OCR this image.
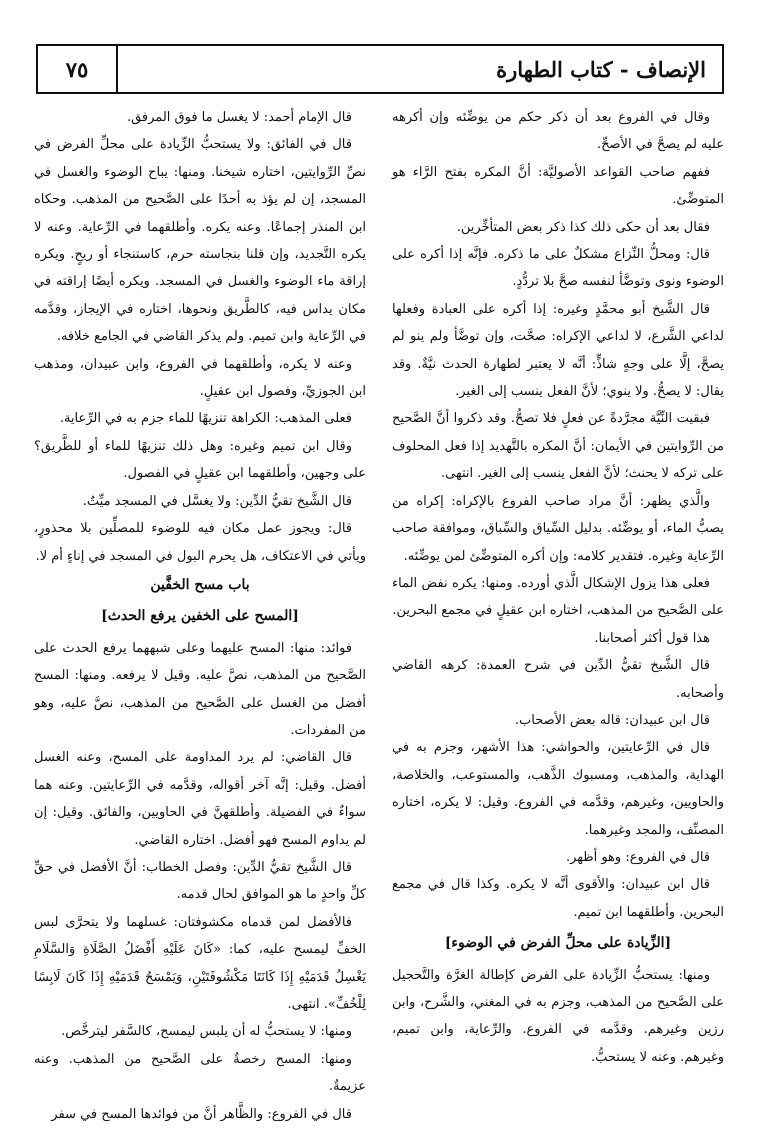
٧٥	الإنصاف - كتاب الطهارة

وقال في الفروع بعد أن ذكر حكم من يوضِّئه وإن أكرهه عليه لم يصحَّ في الأصحِّ.

ففهم صاحب القواعد الأصوليَّة: أنَّ المكره بفتح الرَّاء هو المتوضِّئ.

فقال بعد أن حكى ذلك كذا ذكر بعض المتأخِّرين.

قال: ومحلُّ النِّزاع مشكلٌ على ما ذكره. فإنَّه إذا أكره على الوضوء ونوى وتوضَّأ لنفسه صحَّ بلا تردُّدٍ.

قال الشَّيخ أبو محمَّدٍ وغيره: إذا أكره على العبادة وفعلها لداعي الشَّرع، لا لداعي الإكراه: صحَّت، وإن توضَّأ ولم ينو لم يصحَّ، إلَّا على وجهٍ شاذٍّ: أنَّه لا يعتبر لطهارة الحدث نيَّةٌ. وقد يقال: لا يصحُّ. ولا ينوي؛ لأنَّ الفعل ينسب إلى الغير.

فبقيت النِّيَّة مجرَّدةً عن فعلٍ فلا تصحُّ. وقد ذكروا أنَّ الصَّحيح من الرِّوايتين في الأيمان: أنَّ المكره بالتَّهديد إذا فعل المحلوف على تركه لا يحنث؛ لأنَّ الفعل ينسب إلى الغير. انتهى.

والَّذي يظهر: أنَّ مراد صاحب الفروع بالإكراه: إكراه من يصبُّ الماء، أو يوضِّئه. بدليل السِّياق والسِّباق، وموافقة صاحب الرِّعاية وغيره. فتقدير كلامه: وإن أكره المتوضِّئ لمن يوضِّئه.

فعلى هذا يزول الإشكال الَّذي أورده. ومنها: يكره نفض الماء على الصَّحيح من المذهب، اختاره ابن عقيلٍ في مجمع البحرين.

هذا قول أكثر أصحابنا.

قال الشَّيخ تقيُّ الدِّين في شرح العمدة: كرهه القاضي وأصحابه.

قال ابن عبيدان: قاله بعض الأصحاب.

قال في الرِّعايتين، والحواشي: هذا الأشهر، وجزم به في الهداية، والمذهب، ومسبوك الذَّهب، والمستوعب، والخلاصة، والحاويين، وغيرهم، وقدَّمه في الفروع. وقيل: لا يكره، اختاره المصنِّف، والمجد وغيرهما.

قال في الفروع: وهو أظهر.

قال ابن عبيدان: والأقوى أنَّه لا يكره. وكذا قال في مجمع البحرين. وأطلقهما ابن تميم.

[الزِّيادة على محلِّ الفرض في الوضوء]

ومنها: يستحبُّ الزِّيادة على الفرض كإطالة الغرَّة والتَّحجيل على الصَّحيح من المذهب، وجزم به في المغني، والشَّرح، وابن رزين وغيرهم. وقدَّمه في الفروع. والرِّعاية، وابن تميم، وغيرهم. وعنه لا يستحبُّ.

قال الإمام أحمد: لا يغسل ما فوق المرفق.

قال في الفائق: ولا يستحبُّ الزِّيادة على محلِّ الفرض في نصِّ الرِّوايتين، اختاره شيخنا. ومنها: يباح الوضوء والغسل في المسجد، إن لم يؤذ به أحدًا على الصَّحيح من المذهب. وحكاه ابن المنذر إجماعًا. وعنه يكره. وأطلقهما في الرِّعاية. وعنه لا يكره التَّجديد، وإن قلنا بنجاسته حرم، كاستنجاء أو ريحٍ. ويكره إراقة ماء الوضوء والغسل في المسجد. ويكره أيضًا إراقته في مكان يداس فيه، كالطَّريق ونحوها، اختاره في الإيجاز، وقدَّمه في الرِّعاية وابن تميم. ولم يذكر القاضي في الجامع خلافه.

وعنه لا يكره، وأطلقهما في الفروع، وابن عبيدان، ومذهب ابن الجوزيِّ، وفصول ابن عقيلٍ.

فعلى المذهب: الكراهة تنزيهًا للماء جزم به في الرِّعاية.

وقال ابن تميم وغيره: وهل ذلك تنزيهًا للماء أو للطَّريق؟ على وجهين، وأطلقهما ابن عقيلٍ في الفصول.

قال الشَّيخ تقيُّ الدِّين: ولا يغسَّل في المسجد ميِّتٌ.

قال: ويجوز عمل مكان فيه للوضوء للمصلِّين بلا محذورٍ، ويأتي في الاعتكاف، هل يحرم البول في المسجد في إناءٍ أم لا.

باب مسح الخفَّين

[المسح على الخفين يرفع الحدث]

فوائد: منها: المسح عليهما وعلى شبههما يرفع الحدث على الصَّحيح من المذهب، نصَّ عليه. وقيل لا يرفعه. ومنها: المسح أفضل من الغسل على الصَّحيح من المذهب، نصَّ عليه، وهو من المفردات.

قال القاضي: لم يرد المداومة على المسح، وعنه الغسل أفضل. وقيل: إنَّه آخر أقواله، وقدَّمه في الرِّعايتين. وعنه هما سواءٌ في الفضيلة. وأطلقهنَّ في الحاويين، والفائق. وقيل: إن لم يداوم المسح فهو أفضل. اختاره القاضي.

قال الشَّيخ تقيُّ الدِّين: وفصل الخطاب: أنَّ الأفضل في حقِّ كلِّ واحدٍ ما هو الموافق لحال قدمه.

فالأفضل لمن قدماه مكشوفتان: غسلهما ولا يتحرَّى لبس الخفِّ ليمسح عليه، كما: «كَانَ عَلَيْهِ أَفْضَلُ الصَّلَاةِ وَالسَّلَامِ يَغْسِلُ قَدَمَيْهِ إِذَا كَانَتَا مَكْشُوفَتَيْنِ، وَيَمْسَحُ قَدَمَيْهِ إِذَا كَانَ لَابِسًا لِلْخُفِّ». انتهى.

ومنها: لا يستحبُّ له أن يلبس ليمسح، كالسَّفر ليترخَّص.

ومنها: المسح رخصةٌ على الصَّحيح من المذهب. وعنه عزيمةٌ.

قال في الفروع: والظَّاهر أنَّ من فوائدها المسح في سفر
